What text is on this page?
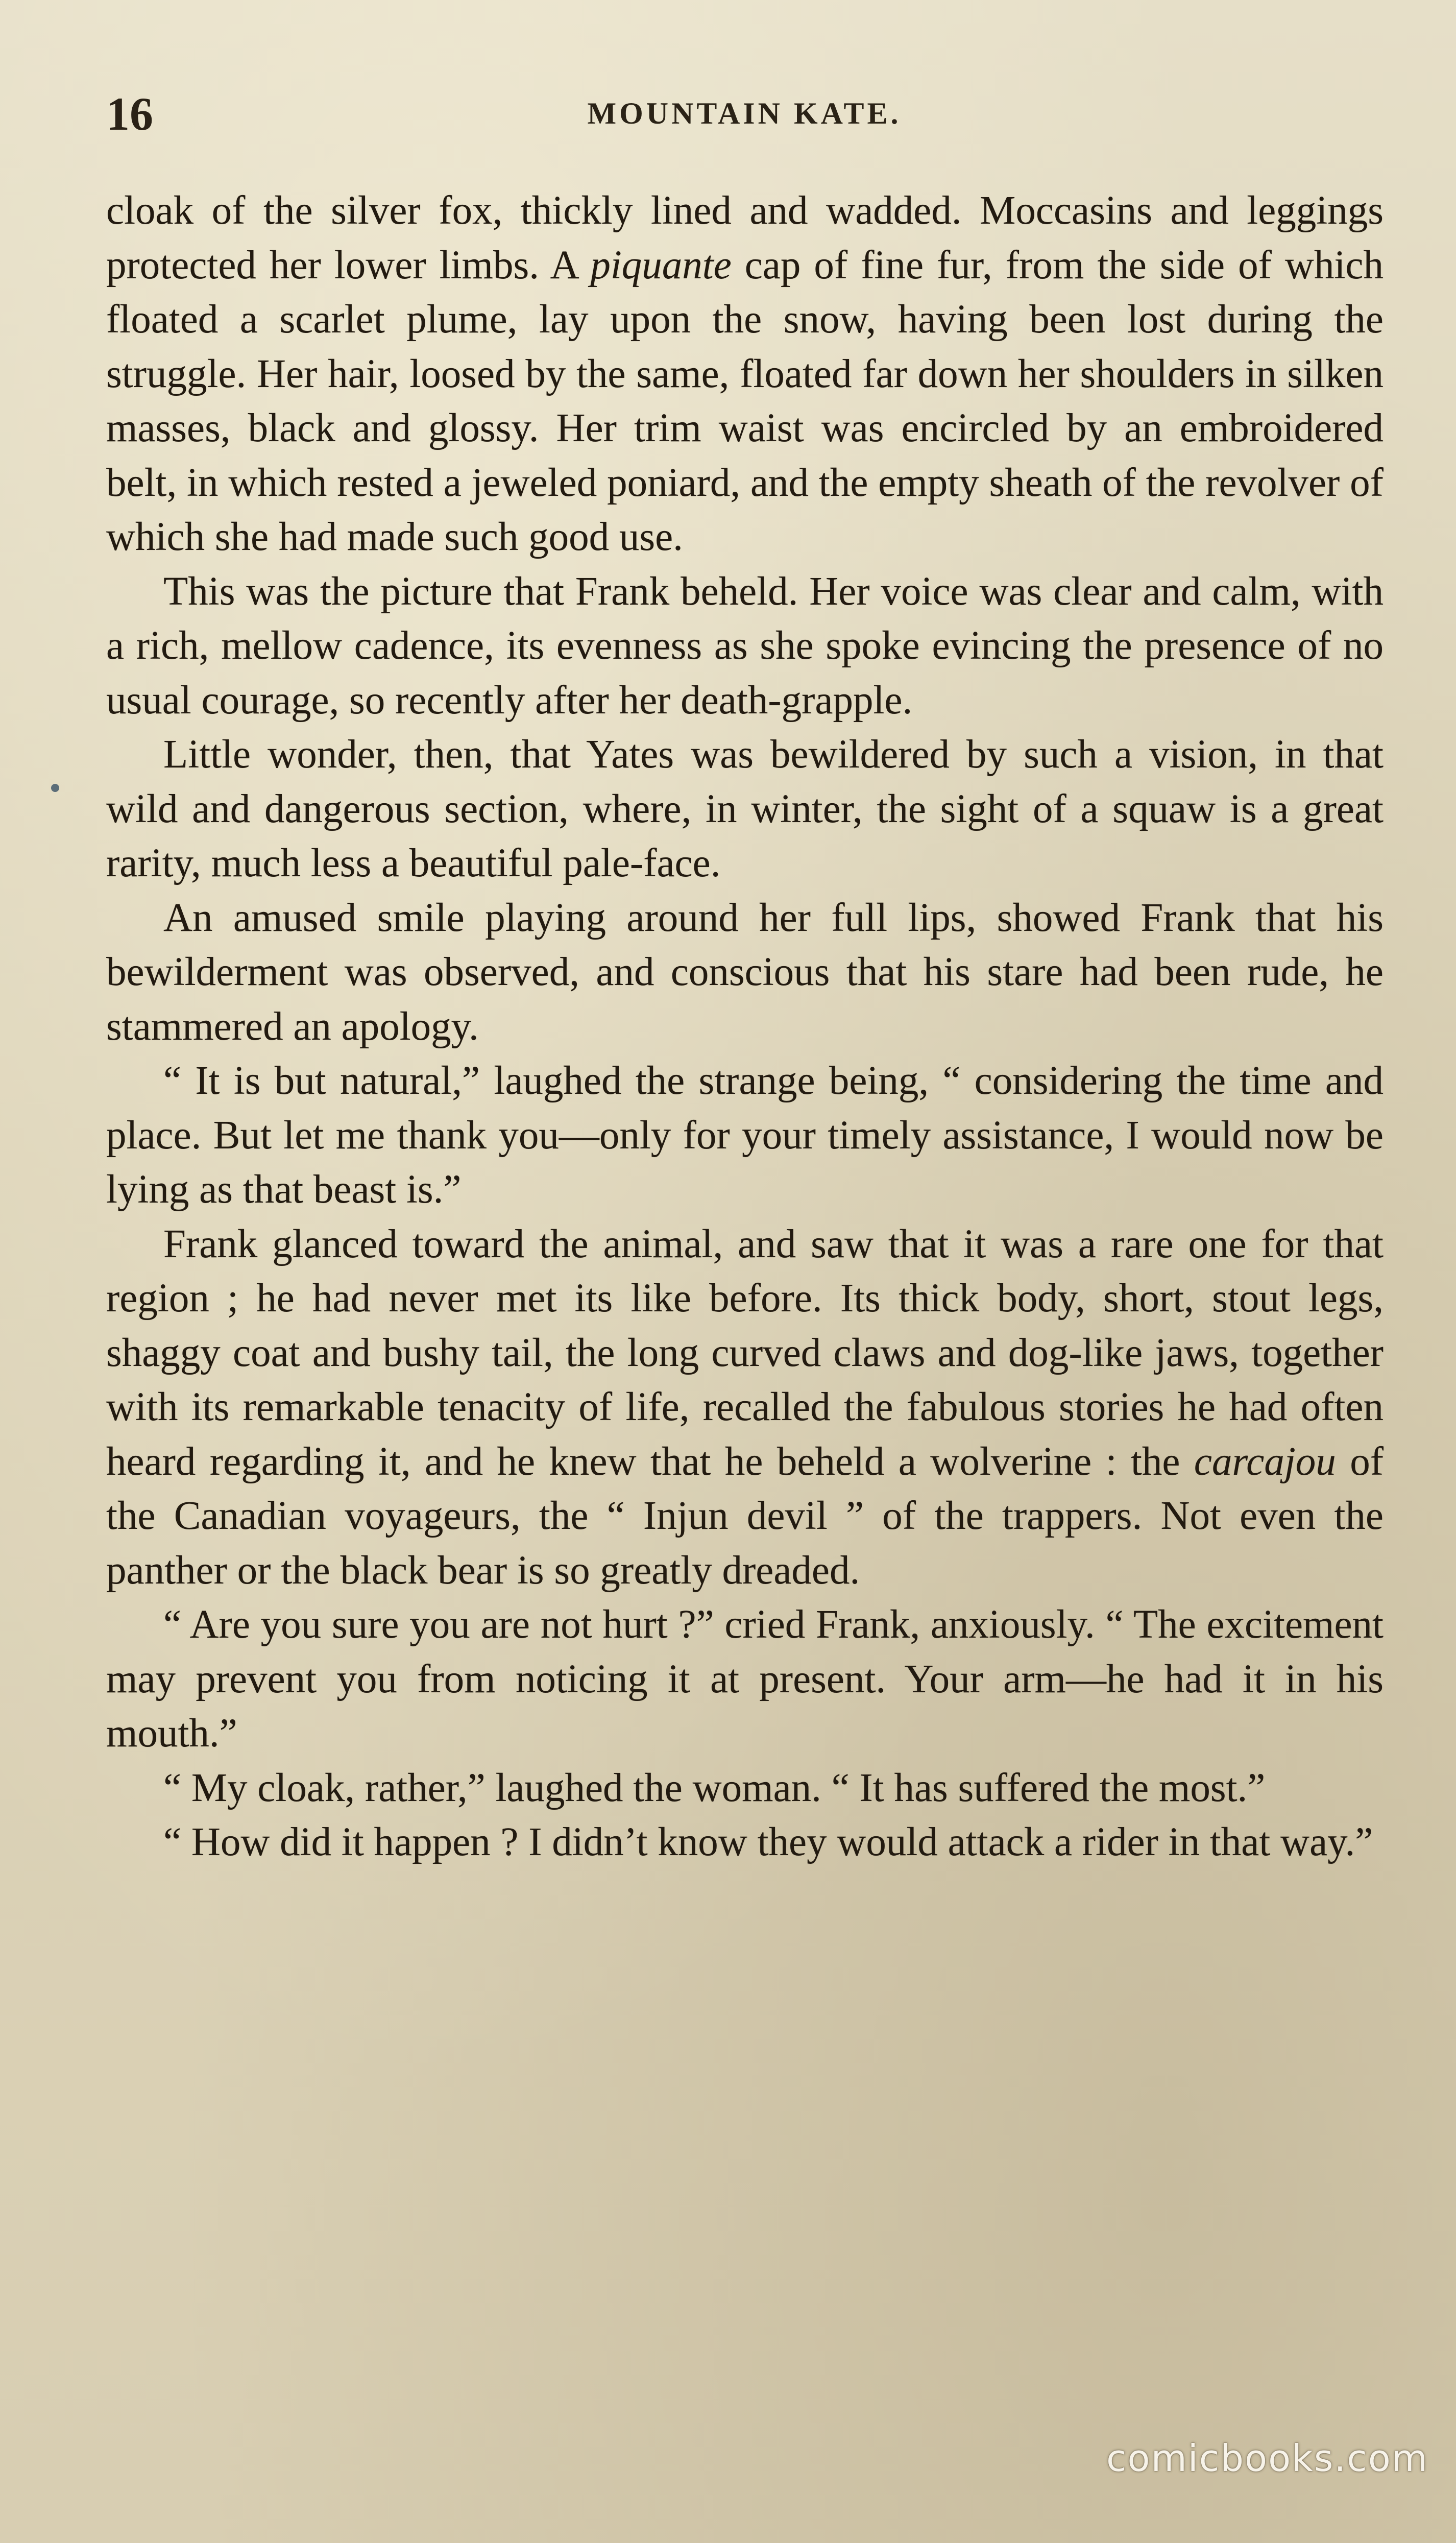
16	MOUNTAIN KATE.

cloak of the silver fox, thickly lined and wadded. Moccasins and leggings protected her lower limbs. A piquante cap of fine fur, from the side of which floated a scarlet plume, lay upon the snow, having been lost during the struggle. Her hair, loosed by the same, floated far down her shoulders in silken masses, black and glossy. Her trim waist was encircled by an embroidered belt, in which rested a jeweled poniard, and the empty sheath of the revolver of which she had made such good use.

This was the picture that Frank beheld. Her voice was clear and calm, with a rich, mellow cadence, its evenness as she spoke evincing the presence of no usual courage, so recently after her death-grapple.

Little wonder, then, that Yates was bewildered by such a vision, in that wild and dangerous section, where, in winter, the sight of a squaw is a great rarity, much less a beautiful pale-face.

An amused smile playing around her full lips, showed Frank that his bewilderment was observed, and conscious that his stare had been rude, he stammered an apology.

“ It is but natural,” laughed the strange being, “ considering the time and place. But let me thank you—only for your timely assistance, I would now be lying as that beast is.”

Frank glanced toward the animal, and saw that it was a rare one for that region ; he had never met its like before. Its thick body, short, stout legs, shaggy coat and bushy tail, the long curved claws and dog-like jaws, together with its remarkable tenacity of life, recalled the fabulous stories he had often heard regarding it, and he knew that he beheld a wolverine : the carcajou of the Canadian voyageurs, the “ Injun devil ” of the trappers. Not even the panther or the black bear is so greatly dreaded.

“ Are you sure you are not hurt ?” cried Frank, anxiously. “ The excitement may prevent you from noticing it at present. Your arm—he had it in his mouth.”

“ My cloak, rather,” laughed the woman. “ It has suffered the most.”

“ How did it happen ? I didn’t know they would attack a rider in that way.”

comicbooks.com
